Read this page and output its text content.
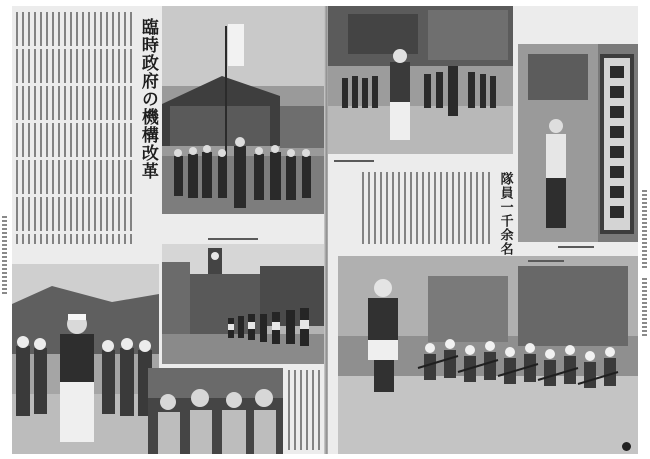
臨時政府の機構改革
隊員一千余名
